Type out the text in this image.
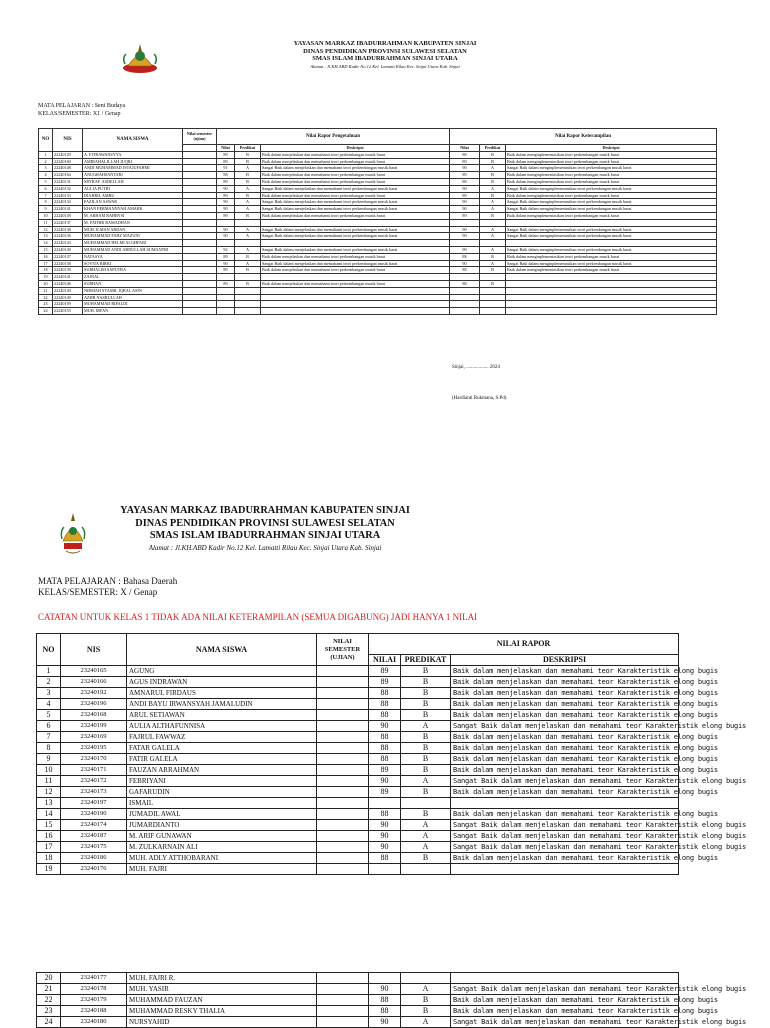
YAYASAN MARKAZ IBADURRAHMAN KABUPATEN SINJAI
DINAS PENDIDIKAN PROVINSI SULAWESI SELATAN
SMAS ISLAM IBADURRAHMAN SINJAI UTARA
Alamat : Jl.KH.ABD Kadir No.12 Kel. Lamatti Rilau Kec. Sinjai Utara Kab. Sinjai
MATA PELAJARAN : Seni Budaya
KELAS/SEMESTER: X1 / Genap
NO	NIS	NAMA SISWA	Nilai semester (ujian)	Nilai Rapor Pengetahuan			Nilai Rapor Keterampilan		
				Nilai	Predikat	Deskripsi	Nilai	Predikat	Deskripsi
1	22240129	A. FITRAWANSYYA		89	B	Baik dalam menjelaskan dan memahami teori perkembangan musik barat	88	B	Baik dalam menginplementasikan teori perkembangan musik barat
2	22240160	AMIRAHALILLAH JUQRI		89	B	Baik dalam menjelaskan dan memahami teori perkembangan musik barat	89	B	Baik dalam menginplementasikan teori perkembangan musik barat
3	22240148	ANDI MUHAMMAD ISTAJUFAHMI		91	A	Sangat Baik dalam menjelaskan dan memahami teori perkembangan musik barat	90	A	Sangat Baik dalam menginplementasikan teori perkembangan musik barat
4	22240164	ANUGRAHSANTARI		88	B	Baik dalam menjelaskan dan memahami teori perkembangan musik barat	89	B	Baik dalam menginplementasikan teori perkembangan musik barat
5	22240131	SRYRAF. ASDELLAH		89	B	Baik dalam menjelaskan dan memahami teori perkembangan musik barat	88	B	Baik dalam menginplementasikan teori perkembangan musik barat
6	22240132	AULIA PUTRI		90	A	Sangat Baik dalam menjelaskan dan memahami teori perkembangan musik barat	90	A	Sangat Baik dalam menginplementasikan teori perkembangan musik barat
7	22240133	DIAHRIL AMRU		89	B	Baik dalam menjelaskan dan memahami teori perkembangan musik barat	89	B	Baik dalam menginplementasikan teori perkembangan musik barat
8	22240134	FAZILAN ASWAR		90	A	Sangat Baik dalam menjelaskan dan memahami teori perkembangan musik barat	90	A	Sangat Baik dalam menginplementasikan teori perkembangan musik barat
9	22240141	KHAN PERMANNYAH AMARK		90	A	Sangat Baik dalam menjelaskan dan memahami teori perkembangan musik barat	90	A	Sangat Baik dalam menginplementasikan teori perkembangan musik barat
10	22240139	M. ARHAM BAHRYSI		89	B	Baik dalam menjelaskan dan memahami teori perkembangan musik barat	89	B	Baik dalam menginplementasikan teori perkembangan musik barat
11	22240137	M. FATHIR RAMADHAN							
12	22240138	MUH. ILMAN ARDAN		90	A	Sangat Baik dalam menjelaskan dan memahami teori perkembangan musik barat	90	A	Sangat Baik dalam menginplementasikan teori perkembangan musik barat
13	22240136	MUHAMMAD FAHZ MAZUNI		90	A	Sangat Baik dalam menjelaskan dan memahami teori perkembangan musik barat	90	A	Sangat Baik dalam menginplementasikan teori perkembangan musik barat
14	22240143	MUHAMMAD HELMI ALGHFARI							
15	22240140	MUHAMMAD ANDI ABDULLAH SUMANTRI		92	A	Sangat Baik dalam menjelaskan dan memahami teori perkembangan musik barat	90	A	Sangat Baik dalam menginplementasikan teori perkembangan musik barat
16	22240137	NATASYA		89	B	Baik dalam menjelaskan dan memahami teori perkembangan musik barat	88	B	Baik dalam menginplementasikan teori perkembangan musik barat
17	22240138	SOVITA RIRKI		90	A	Sangat Baik dalam menjelaskan dan memahami teori perkembangan musik barat	90	A	Sangat Baik dalam menginplementasikan teori perkembangan musik barat
18	22240139	SUBHALIM SAPUTRA		89	B	Baik dalam menjelaskan dan memahami teori perkembangan musik barat	88	B	Baik dalam menginplementasikan teori perkembangan musik barat
19	22240141	ZAINAL							
20	22240146	SUBHAN		89	B	Baik dalam menjelaskan dan memahami teori perkembangan musik barat	88	B	
21	22240149	NIRMAH SYAMIL IQBAL ASIN							
22	22240149	AZHR NASRULLAH							
23	22240159	MUHAMMAD RIFALDI							
24	22240153	MUH. IRFAN							
Sinjai, .................. 2024
(Hardianti Rukmana, S.Pd)
YAYASAN MARKAZ IBADURRAHMAN KABUPATEN SINJAI
DINAS PENDIDIKAN PROVINSI SULAWESI SELATAN
SMAS ISLAM IBADURRAHMAN SINJAI UTARA
Alamat : Jl.KH.ABD Kadir No.12 Kel. Lamatti Rilau Kec. Sinjai Utara Kab. Sinjai
MATA PELAJARAN : Bahasa Daerah
KELAS/SEMESTER: X / Genap
CATATAN UNTUK KELAS 1 TIDAK ADA NILAI KETERAMPILAN (SEMUA DIGABUNG) JADI HANYA 1 NILAI
NO	NIS	NAMA SISWA	NILAI SEMESTER (UJIAN)	NILAI RAPOR		
				NILAI	PREDIKAT	DESKRIPSI
1	23240165	AGUNG		89	B	Baik dalam menjelaskan dan memahami teor Karakteristik elong bugis
2	23240166	AGUS INDRAWAN		89	B	Baik dalam menjelaskan dan memahami teor Karakteristik elong bugis
3	23240192	AMNARUL FIRDAUS		88	B	Baik dalam menjelaskan dan memahami teor Karakteristik elong bugis
4	23240196	ANDI BAYU IRWANSYAH JAMALUDIN		88	B	Baik dalam menjelaskan dan memahami teor Karakteristik elong bugis
5	23240168	ARUL SETIAWAN		88	B	Baik dalam menjelaskan dan memahami teor Karakteristik elong bugis
6	23240199	AULIA ALTHAFUNNISA		90	A	Sangat Baik dalam menjelaskan dan memahami teor Karakteristik elong bugis
7	23240169	FAJRUL FAWWAZ		88	B	Baik dalam menjelaskan dan memahami teor Karakteristik elong bugis
8	23240195	FATAR GALELA		88	B	Baik dalam menjelaskan dan memahami teor Karakteristik elong bugis
9	23240170	FATIR GALELA		88	B	Baik dalam menjelaskan dan memahami teor Karakteristik elong bugis
10	23240171	FAUZAN ARRAHMAN		89	B	Baik dalam menjelaskan dan memahami teor Karakteristik elong bugis
11	23240172	FEBRIYANI		90	A	Sangat Baik dalam menjelaskan dan memahami teor Karakteristik elong bugis
12	23240173	GAFARUDIN		89	B	Baik dalam menjelaskan dan memahami teor Karakteristik elong bugis
13	23240197	ISMAIL				
14	23240190	JUMADIL AWAL		88	B	Baik dalam menjelaskan dan memahami teor Karakteristik elong bugis
15	23240174	JUMARDIANTO		90	A	Sangat Baik dalam menjelaskan dan memahami teor Karakteristik elong bugis
16	23240187	M. ARIF GUNAWAN		90	A	Sangat Baik dalam menjelaskan dan memahami teor Karakteristik elong bugis
17	23240175	M. ZULKARNAIN ALI		90	A	Sangat Baik dalam menjelaskan dan memahami teor Karakteristik elong bugis
18	23240186	MUH. ADLY ATTHOBARANI		88	B	Baik dalam menjelaskan dan memahami teor Karakteristik elong bugis
19	23240176	MUH. FAJRI				
20	23240177	MUH. FAJRI R.				
21	23240178	MUH. YASIR		90	A	Sangat Baik dalam menjelaskan dan memahami teor Karakteristik elong bugis
22	23240179	MUHAMMAD FAUZAN		88	B	Baik dalam menjelaskan dan memahami teor Karakteristik elong bugis
23	23240188	MUHAMMAD RESKY THALIA		88	B	Baik dalam menjelaskan dan memahami teor Karakteristik elong bugis
24	23240180	NURSYAHID		90	A	Sangat Baik dalam menjelaskan dan memahami teor Karakteristik elong bugis
